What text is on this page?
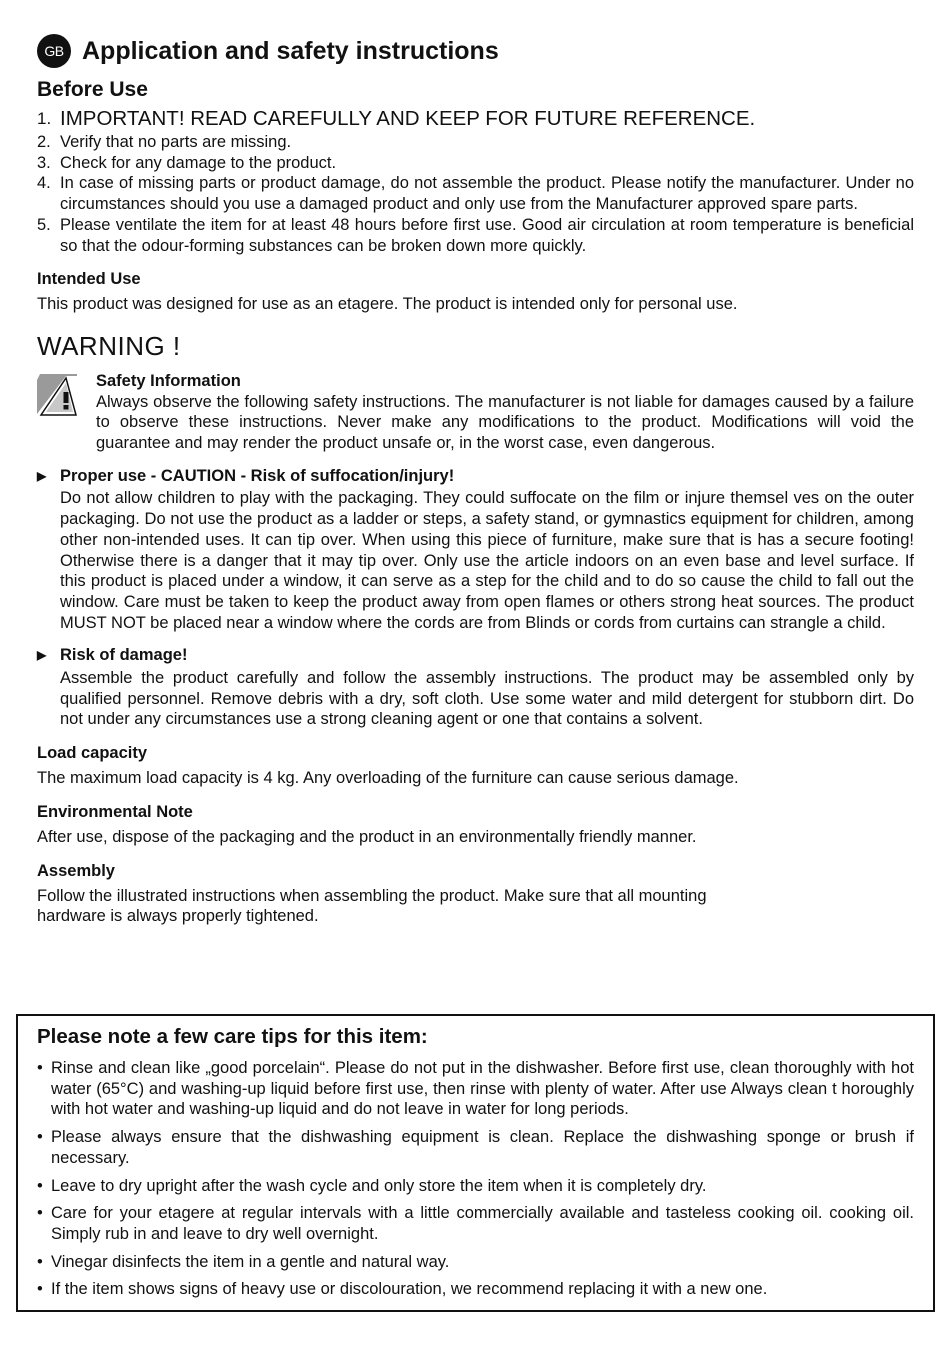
GB Application and safety instructions
Before Use
1. IMPORTANT! READ CAREFULLY AND KEEP FOR FUTURE REFERENCE.
2. Verify that no parts are missing.
3. Check for any damage to the product.
4. In case of missing parts or product damage, do not assemble the product. Please notify the manufacturer. Under no circumstances should you use a damaged product and only use from the Manufacturer approved spare parts.
5. Please ventilate the item for at least 48 hours before first use. Good air circulation at room temperature is beneficial so that the odour-forming substances can be broken down more quickly.
Intended Use

This product was designed for use as an etagere. The product is intended only for personal use.

WARNING !

Safety Information

Always observe the following safety instructions. The manufacturer is not liable for damages caused by a failure to observe these instructions. Never make any modifications to the product. Modifications will void the guarantee and may render the product unsafe or, in the worst case, even dangerous.

▶ Proper use - CAUTION - Risk of suffocation/injury!

Do not allow children to play with the packaging. They could suffocate on the film or injure themsel ves on the outer packaging. Do not use the product as a ladder or steps, a safety stand, or gymnastics equipment for children, among other non-intended uses. It can tip over. When using this piece of furniture, make sure that is has a secure footing! Otherwise there is a danger that it may tip over. Only use the article indoors on an even base and level surface. If this product is placed under a window, it can serve as a step for the child and to do so cause the child to fall out the window. Care must be taken to keep the product away from open flames or others strong heat sources. The product MUST NOT be placed near a window where the cords are from Blinds or cords from curtains can strangle a child.

▶ Risk of damage!

Assemble the product carefully and follow the assembly instructions. The product may be assembled only by qualified personnel. Remove debris with a dry, soft cloth. Use some water and mild detergent for stubborn dirt. Do not under any circumstances use a strong cleaning agent or one that contains a solvent.

Load capacity

The maximum load capacity is 4 kg. Any overloading of the furniture can cause serious damage.

Environmental Note

After use, dispose of the packaging and the product in an environmentally friendly manner.

Assembly

Follow the illustrated instructions when assembling the product. Make sure that all mounting

hardware is always properly tightened.

Please note a few care tips for this item:
• Rinse and clean like „good porcelain“. Please do not put in the dishwasher. Before first use, clean thoroughly with hot water (65°C) and washing-up liquid before first use, then rinse with plenty of water. After use Always clean t horoughly with hot water and washing-up liquid and do not leave in water for long periods.
• Please always ensure that the dishwashing equipment is clean. Replace the dishwashing sponge or brush if necessary.
• Leave to dry upright after the wash cycle and only store the item when it is completely dry.
• Care for your etagere at regular intervals with a little commercially available and tasteless cooking oil. cooking oil. Simply rub in and leave to dry well overnight.
• Vinegar disinfects the item in a gentle and natural way.
• If the item shows signs of heavy use or discolouration, we recommend replacing it with a new one.
